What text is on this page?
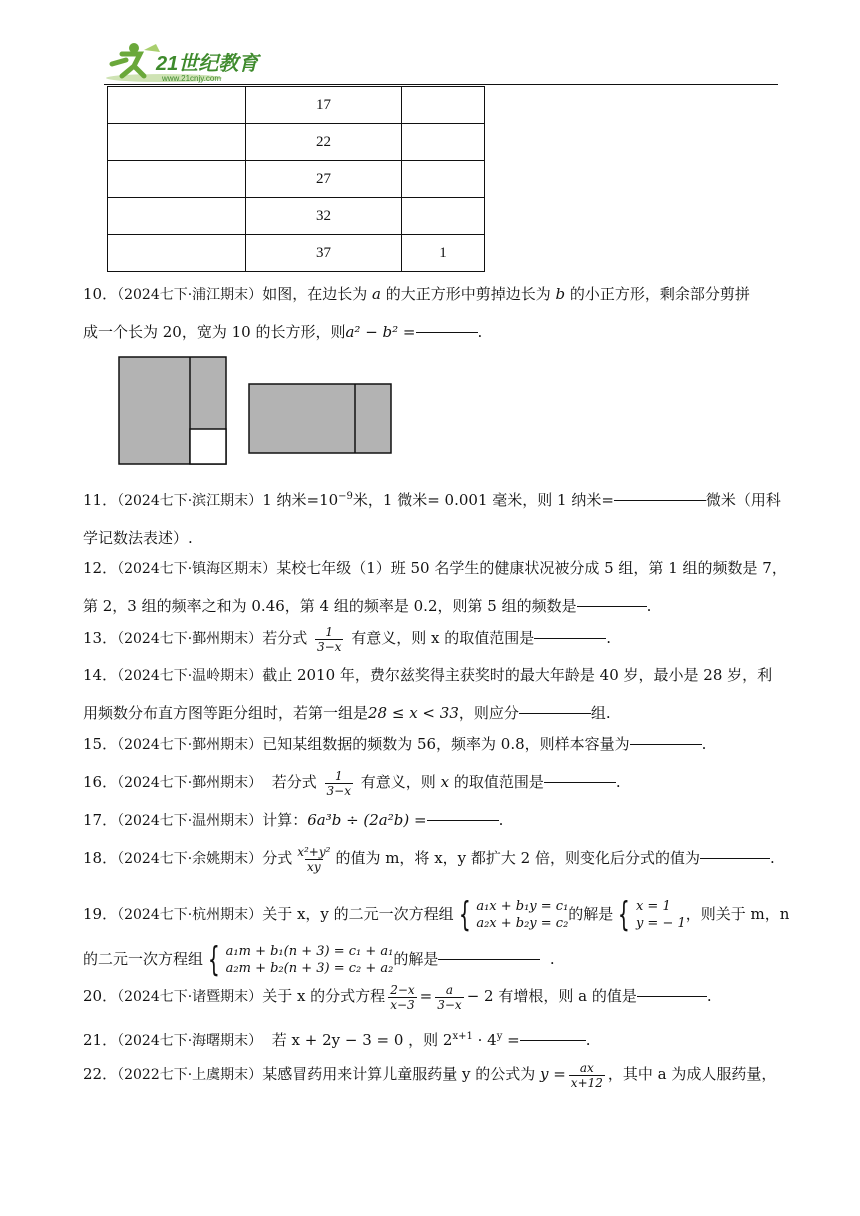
21世纪教育
www.21cnjy.com
	17	
	22	
	27	
	32	
	37	1
10．（2024七下·浦江期末）如图，在边长为 a 的大正方形中剪掉边长为 b 的小正方形，剩余部分剪拼
成一个长为 20，宽为 10 的长方形，则a² − b² =	.
11．（2024七下·滨江期末）1 纳米$=10^{-9}$米，1 微米= 0.001 毫米，则 1 纳米=	微米（用科
学记数法表述）.
12．（2024七下·镇海区期末）某校七年级（1）班 50 名学生的健康状况被分成 5 组，第 1 组的频数是 7，
第 2，3 组的频率之和为 0.46，第 4 组的频率是 0.2，则第 5 组的频数是	.
13．（2024七下·鄞州期末）若分式 $\frac{1}{3-x}$ 有意义，则 x 的取值范围是	.
14．（2024七下·温岭期末）截止 2010 年，费尔兹奖得主获奖时的最大年龄是 40 岁，最小是 28 岁，利
用频数分布直方图等距分组时，若第一组是28 ≤ x < 33，则应分	组.
15．（2024七下·鄞州期末）已知某组数据的频数为 56，频率为 0.8，则样本容量为	.
16．（2024七下·鄞州期末） 若分式 $\frac{1}{3-x}$ 有意义，则 x 的取值范围是	.
17．（2024七下·温州期末）计算：6a³b ÷ (2a²b) =	.
18．（2024七下·余姚期末）分式 $\frac{\text{x²+y²}}{xy}$ 的值为 m，将 x，y 都扩大 2 倍，则变化后分式的值为	.
19．（2024七下·杭州期末）关于 x，y 的二元一次方程组 { a₁x + b₁y = c₁
a₂x + b₂y = c₂
的解是 { x = 1
y = − 1
，则关于 m，n
的二元一次方程组 { a₁m + b₁(n + 3) = c₁ + a₁
a₂m + b₂(n + 3) = c₂ + a₂
的解是	.
20．（2024七下·诸暨期末）关于 x 的分式方程 $\frac{2-x}{x-3} = \frac{a}{3-x} - 2$ 有增根，则 a 的值是	.
21．（2024七下·海曙期末） 若 x + 2y − 3 = 0 ，则 $2^{x+1} \cdot 4^y$ =	.
22．（2022七下·上虞期末）某感冒药用来计算儿童服药量 y 的公式为 $y = \frac{ax}{x+12}$ ，其中 a 为成人服药量，
